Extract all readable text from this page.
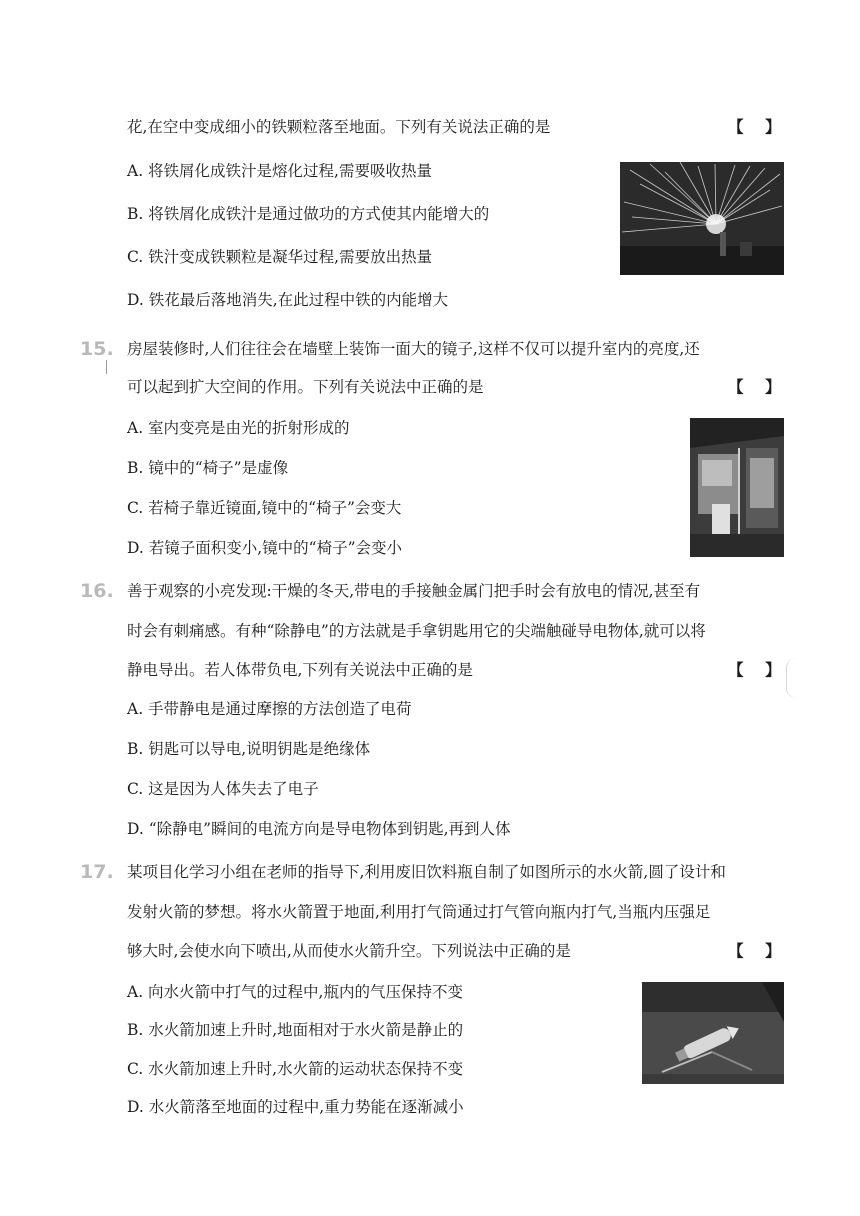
花,在空中变成细小的铁颗粒落至地面。下列有关说法正确的是	【    】
A. 将铁屑化成铁汁是熔化过程,需要吸收热量
B. 将铁屑化成铁汁是通过做功的方式使其内能增大的
C. 铁汁变成铁颗粒是凝华过程,需要放出热量
D. 铁花最后落地消失,在此过程中铁的内能增大
15. 房屋装修时,人们往往会在墙壁上装饰一面大的镜子,这样不仅可以提升室内的亮度,还
可以起到扩大空间的作用。下列有关说法中正确的是	【    】
A. 室内变亮是由光的折射形成的
B. 镜中的“椅子”是虚像
C. 若椅子靠近镜面,镜中的“椅子”会变大
D. 若镜子面积变小,镜中的“椅子”会变小
16. 善于观察的小亮发现:干燥的冬天,带电的手接触金属门把手时会有放电的情况,甚至有
时会有刺痛感。有种“除静电”的方法就是手拿钥匙用它的尖端触碰导电物体,就可以将
静电导出。若人体带负电,下列有关说法中正确的是	【    】
A. 手带静电是通过摩擦的方法创造了电荷
B. 钥匙可以导电,说明钥匙是绝缘体
C. 这是因为人体失去了电子
D. “除静电”瞬间的电流方向是导电物体到钥匙,再到人体
17. 某项目化学习小组在老师的指导下,利用废旧饮料瓶自制了如图所示的水火箭,圆了设计和
发射火箭的梦想。将水火箭置于地面,利用打气筒通过打气管向瓶内打气,当瓶内压强足
够大时,会使水向下喷出,从而使水火箭升空。下列说法中正确的是	【    】
A. 向水火箭中打气的过程中,瓶内的气压保持不变
B. 水火箭加速上升时,地面相对于水火箭是静止的
C. 水火箭加速上升时,水火箭的运动状态保持不变
D. 水火箭落至地面的过程中,重力势能在逐渐减小
